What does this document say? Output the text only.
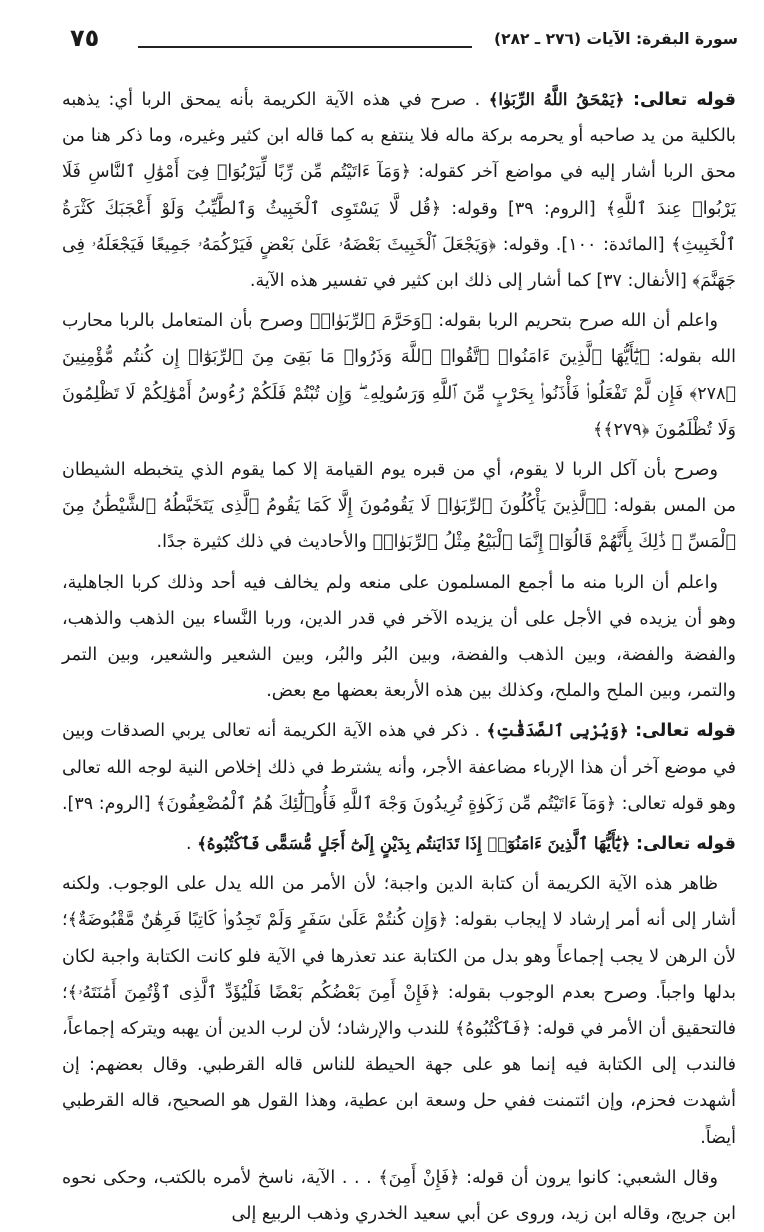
سورة البقرة: الآيات (٢٧٦ ـ ٢٨٢)
٧٥

قوله تعالى: ﴿يَمْحَقُ اللَّهُ الرِّبَوٰا﴾ . صرح في هذه الآية الكريمة بأنه يمحق الربا أي: يذهبه بالكلية من يد صاحبه أو يحرمه بركة ماله فلا ينتفع به كما قاله ابن كثير وغيره، وما ذكر هنا من محق الربا أشار إليه في مواضع آخر كقوله: ﴿وَمَآ ءَاتَيْتُم مِّن رِّبًا لِّيَرْبُوَا۟ فِىٓ أَمْوَٰلِ ٱلنَّاسِ فَلَا يَرْبُوا۟ عِندَ ٱللَّهِ﴾ [الروم: ٣٩] وقوله: ﴿قُل لَّا يَسْتَوِى ٱلْخَبِيثُ وَٱلطَّيِّبُ وَلَوْ أَعْجَبَكَ كَثْرَةُ ٱلْخَبِيثِ﴾ [المائدة: ١٠٠]. وقوله: ﴿وَيَجْعَلَ ٱلْخَبِيثَ بَعْضَهُۥ عَلَىٰ بَعْضٍ فَيَرْكُمَهُۥ جَمِيعًا فَيَجْعَلَهُۥ فِى جَهَنَّمَ﴾ [الأنفال: ٣٧] كما أشار إلى ذلك ابن كثير في تفسير هذه الآية.

واعلم أن الله صرح بتحريم الربا بقوله: ﴿وَحَرَّمَ ٱلرِّبَوٰا۟﴾ وصرح بأن المتعامل بالربا محارب الله بقوله: ﴿يَٰٓأَيُّهَا ٱلَّذِينَ ءَامَنُوا۟ ٱتَّقُوا۟ ٱللَّهَ وَذَرُوا۟ مَا بَقِىَ مِنَ ٱلرِّبَوٰٓا۟ إِن كُنتُم مُّؤْمِنِينَ ﴿٢٧٨﴾ فَإِن لَّمْ تَفْعَلُوا۟ فَأْذَنُوا۟ بِحَرْبٍ مِّنَ ٱللَّهِ وَرَسُولِهِۦ ۖ وَإِن تُبْتُمْ فَلَكُمْ رُءُوسُ أَمْوَٰلِكُمْ لَا تَظْلِمُونَ وَلَا تُظْلَمُونَ ﴿٢٧٩﴾﴾

وصرح بأن آكل الربا لا يقوم، أي من قبره يوم القيامة إلا كما يقوم الذي يتخبطه الشيطان من المس بقوله: ﴿ٱلَّذِينَ يَأْكُلُونَ ٱلرِّبَوٰا۟ لَا يَقُومُونَ إِلَّا كَمَا يَقُومُ ٱلَّذِى يَتَخَبَّطُهُ ٱلشَّيْطَٰنُ مِنَ ٱلْمَسِّ ۚ ذَٰلِكَ بِأَنَّهُمْ قَالُوٓا۟ إِنَّمَا ٱلْبَيْعُ مِثْلُ ٱلرِّبَوٰا۟﴾ والأحاديث في ذلك كثيرة جدًا.

واعلم أن الربا منه ما أجمع المسلمون على منعه ولم يخالف فيه أحد وذلك كربا الجاهلية، وهو أن يزيده في الأجل على أن يزيده الآخر في قدر الدين، وربا النَّساء بين الذهب والذهب، والفضة والفضة، وبين الذهب والفضة، وبين البُر والبُر، وبين الشعير والشعير، وبين التمر والتمر، وبين الملح والملح، وكذلك بين هذه الأربعة بعضها مع بعض.

قوله تعالى: ﴿وَيُرْبِى ٱلصَّدَقَٰتِ﴾ . ذكر في هذه الآية الكريمة أنه تعالى يربي الصدقات وبين في موضع آخر أن هذا الإرباء مضاعفة الأجر، وأنه يشترط في ذلك إخلاص النية لوجه الله تعالى وهو قوله تعالى: ﴿وَمَآ ءَاتَيْتُم مِّن زَكَوٰةٍ تُرِيدُونَ وَجْهَ ٱللَّهِ فَأُو۟لَٰٓئِكَ هُمُ ٱلْمُضْعِفُونَ﴾ [الروم: ٣٩].

قوله تعالى: ﴿يَٰٓأَيُّهَا ٱلَّذِينَ ءَامَنُوٓا۟ إِذَا تَدَايَنتُم بِدَيْنٍ إِلَىٰٓ أَجَلٍ مُّسَمًّى فَٱكْتُبُوهُ﴾ .

ظاهر هذه الآية الكريمة أن كتابة الدين واجبة؛ لأن الأمر من الله يدل على الوجوب. ولكنه أشار إلى أنه أمر إرشاد لا إيجاب بقوله: ﴿وَإِن كُنتُمْ عَلَىٰ سَفَرٍ وَلَمْ تَجِدُوا۟ كَاتِبًا فَرِهَٰنٌ مَّقْبُوضَةٌ﴾؛ لأن الرهن لا يجب إجماعاً وهو بدل من الكتابة عند تعذرها في الآية فلو كانت الكتابة واجبة لكان بدلها واجباً. وصرح بعدم الوجوب بقوله: ﴿فَإِنْ أَمِنَ بَعْضُكُم بَعْضًا فَلْيُؤَدِّ ٱلَّذِى ٱؤْتُمِنَ أَمَٰنَتَهُۥ﴾؛ فالتحقيق أن الأمر في قوله: ﴿فَٱكْتُبُوهُ﴾ للندب والإرشاد؛ لأن لرب الدين أن يهبه ويتركه إجماعاً، فالندب إلى الكتابة فيه إنما هو على جهة الحيطة للناس قاله القرطبي. وقال بعضهم: إن أشهدت فحزم، وإن ائتمنت ففي حل وسعة ابن عطية، وهذا القول هو الصحيح، قاله القرطبي أيضاً.

وقال الشعبي: كانوا يرون أن قوله: ﴿فَإِنْ أَمِنَ﴾ . . . الآية، ناسخ لأمره بالكتب، وحكى نحوه ابن جريج، وقاله ابن زيد، وروى عن أبي سعيد الخدري وذهب الربيع إلى
